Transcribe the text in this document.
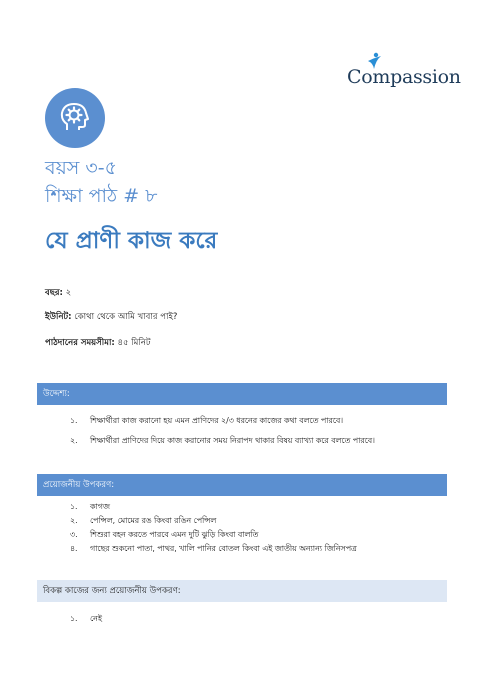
Compassion
বয়স ৩-৫
শিক্ষা পাঠ # ৮
যে প্রাণী কাজ করে
বছর: ২
ইউনিট: কোথা থেকে আমি খাবার পাই?
পাঠদানের সময়সীমা: ৪৫ মিনিট
উদ্দেশ্য:
১. শিক্ষার্থীরা কাজ করানো হয় এমন প্রাণিদের ২/৩ ধরনের কাজের কথা বলতে পারবে।
২. শিক্ষার্থীরা প্রাণিদের দিয়ে কাজ করানোর সময় নিরাপদ থাকার বিষয় ব্যাখ্যা করে বলতে পারবে।
প্রয়োজনীয় উপকরণ:
১. কাগজ
২. পেন্সিল, মোমের রঙ কিংবা রঙিন পেন্সিল
৩. শিশুরা বহন করতে পারবে এমন দুটি ঝুড়ি কিংবা বালতি
৪. গাছের শুকনো পাতা, পাথর, খালি পানির বোতল কিংবা এই জাতীয় অন্যান্য জিনিসপত্র
বিকল্প কাজের জন্য প্রয়োজনীয় উপকরণ:
১. নেই
